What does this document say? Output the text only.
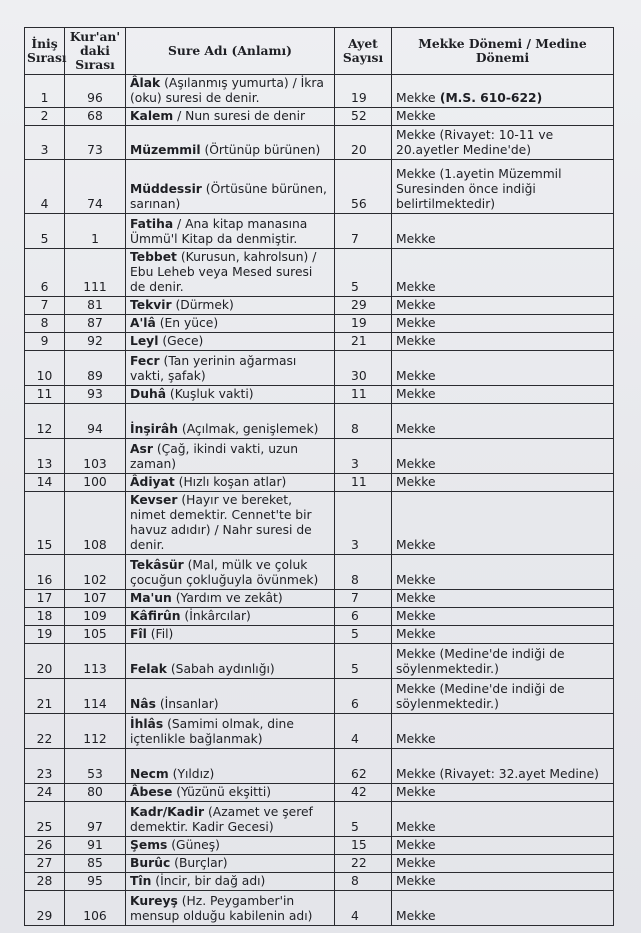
İniş Sırası	Kur'an' daki Sırası	Sure Adı (Anlamı)	Ayet Sayısı	Mekke Dönemi / Medine Dönemi
1	96	Âlak (Aşılanmış yumurta) / İkra (oku) suresi de denir.	19	Mekke (M.S. 610-622)
2	68	Kalem / Nun suresi de denir	52	Mekke
3	73	Müzemmil (Örtünüp bürünen)	20	Mekke (Rivayet: 10-11 ve 20.ayetler Medine'de)
4	74	Müddessir (Örtüsüne bürünen, sarınan)	56	Mekke (1.ayetin Müzemmil Suresinden önce indiği belirtilmektedir)
5	1	Fatiha / Ana kitap manasına Ümmü'l Kitap da denmiştir.	7	Mekke
6	111	Tebbet (Kurusun, kahrolsun) / Ebu Leheb veya Mesed suresi de denir.	5	Mekke
7	81	Tekvir (Dürmek)	29	Mekke
8	87	A'lâ (En yüce)	19	Mekke
9	92	Leyl (Gece)	21	Mekke
10	89	Fecr (Tan yerinin ağarması vakti, şafak)	30	Mekke
11	93	Duhâ (Kuşluk vakti)	11	Mekke
12	94	İnşirâh (Açılmak, genişlemek)	8	Mekke
13	103	Asr (Çağ, ikindi vakti, uzun zaman)	3	Mekke
14	100	Âdiyat (Hızlı koşan atlar)	11	Mekke
15	108	Kevser (Hayır ve bereket, nimet demektir. Cennet'te bir havuz adıdır) / Nahr suresi de denir.	3	Mekke
16	102	Tekâsür (Mal, mülk ve çoluk çocuğun çokluğuyla övünmek)	8	Mekke
17	107	Ma'un (Yardım ve zekât)	7	Mekke
18	109	Kâfirûn (İnkârcılar)	6	Mekke
19	105	Fîl (Fil)	5	Mekke
20	113	Felak (Sabah aydınlığı)	5	Mekke (Medine'de indiği de söylenmektedir.)
21	114	Nâs (İnsanlar)	6	Mekke (Medine'de indiği de söylenmektedir.)
22	112	İhlâs (Samimi olmak, dine içtenlikle bağlanmak)	4	Mekke
23	53	Necm (Yıldız)	62	Mekke (Rivayet: 32.ayet Medine)
24	80	Âbese (Yüzünü ekşitti)	42	Mekke
25	97	Kadr/Kadir (Azamet ve şeref demektir. Kadir Gecesi)	5	Mekke
26	91	Şems (Güneş)	15	Mekke
27	85	Burûc (Burçlar)	22	Mekke
28	95	Tîn (İncir, bir dağ adı)	8	Mekke
29	106	Kureyş (Hz. Peygamber'in mensup olduğu kabilenin adı)	4	Mekke
